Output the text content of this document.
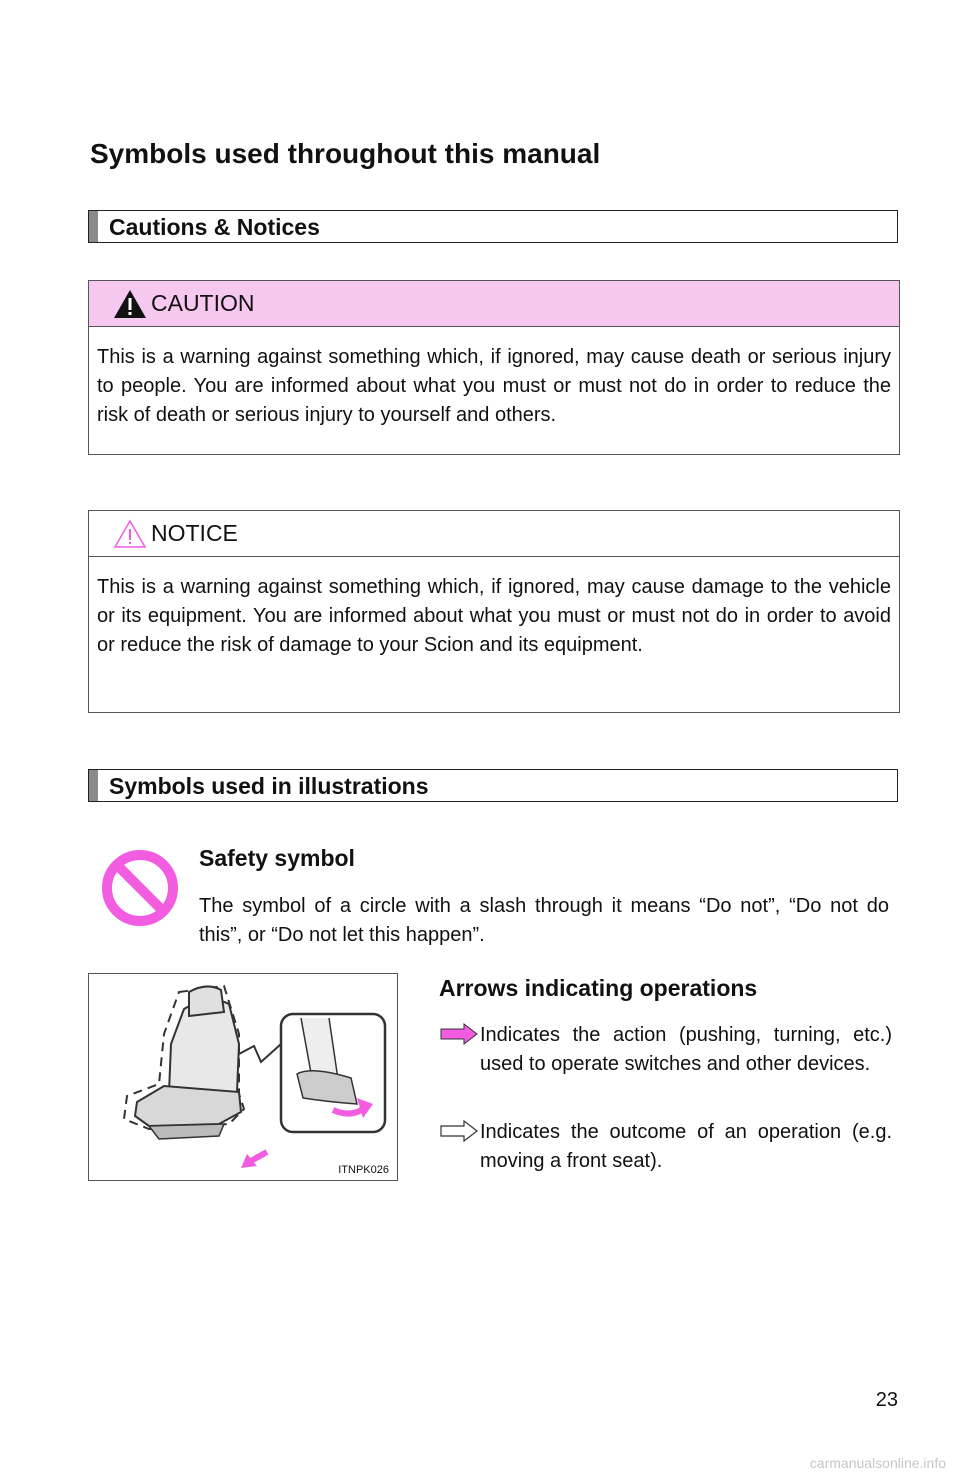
Symbols used throughout this manual
Cautions & Notices
CAUTION
This is a warning against something which, if ignored, may cause death or serious injury to people. You are informed about what you must or must not do in order to reduce the risk of death or serious injury to yourself and others.
NOTICE
This is a warning against something which, if ignored, may cause damage to the vehicle or its equipment. You are informed about what you must or must not do in order to avoid or reduce the risk of damage to your Scion and its equipment.
Symbols used in illustrations
Safety symbol
The symbol of a circle with a slash through it means “Do not”, “Do not do this”, or “Do not let this happen”.
ITNPK026
Arrows indicating operations
Indicates the action (pushing, turning, etc.) used to operate switches and other devices.
Indicates the outcome of an operation (e.g. moving a front seat).
23
carmanualsonline.info
